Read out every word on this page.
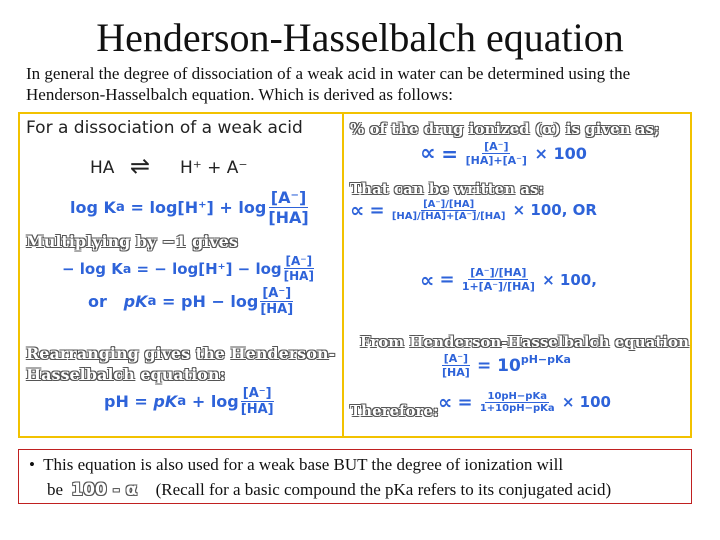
Henderson-Hasselbalch equation
In general the degree of dissociation of a weak acid in water can be determined using the Henderson-Hasselbalch equation. Which is derived as follows:
For a dissociation of a weak acid
HA ⇌ H⁺ + A⁻
log K a
= $\log[H^+] + \log \frac{[A^-]}{[HA]}$
Multiplying by −1 gives
− log K a
= − $\log[H^+] - \log \frac{[A^-]}{[HA]}$
or
pK a
= pH − $\log \frac{[A^-]}{[HA]}$
Rearranging gives the Henderson-
Hasselbalch equation:
pH =
pK a
+ $\log \frac{[A^-]}{[HA]}$
% of the drug ionized (α) is given as;
∝
=
$\frac{[A^-]}{[HA]+[A^-]}$
× 100
That can be written as:
∝
=
$\frac{[A^-]/[HA]}{[HA]/[HA]+[A^-]/[HA]}$
× 100, OR
∝
=
$\frac{[A^-]/[HA]}{1+[A^-]/[HA]}$
× 100,
From Henderson-Hasselbalch equation
$\frac{[A^-]}{[HA]}$
= $10^{pH-pKa}$
Therefore: ∝
=
$\frac{\text{10pH−pKa}}{\text{1+10pH−pKa}}$
× 100
• This equation is also used for a weak base BUT the degree of ionization will
be 100 - α (Recall for a basic compound the pKa refers to its conjugated acid)
